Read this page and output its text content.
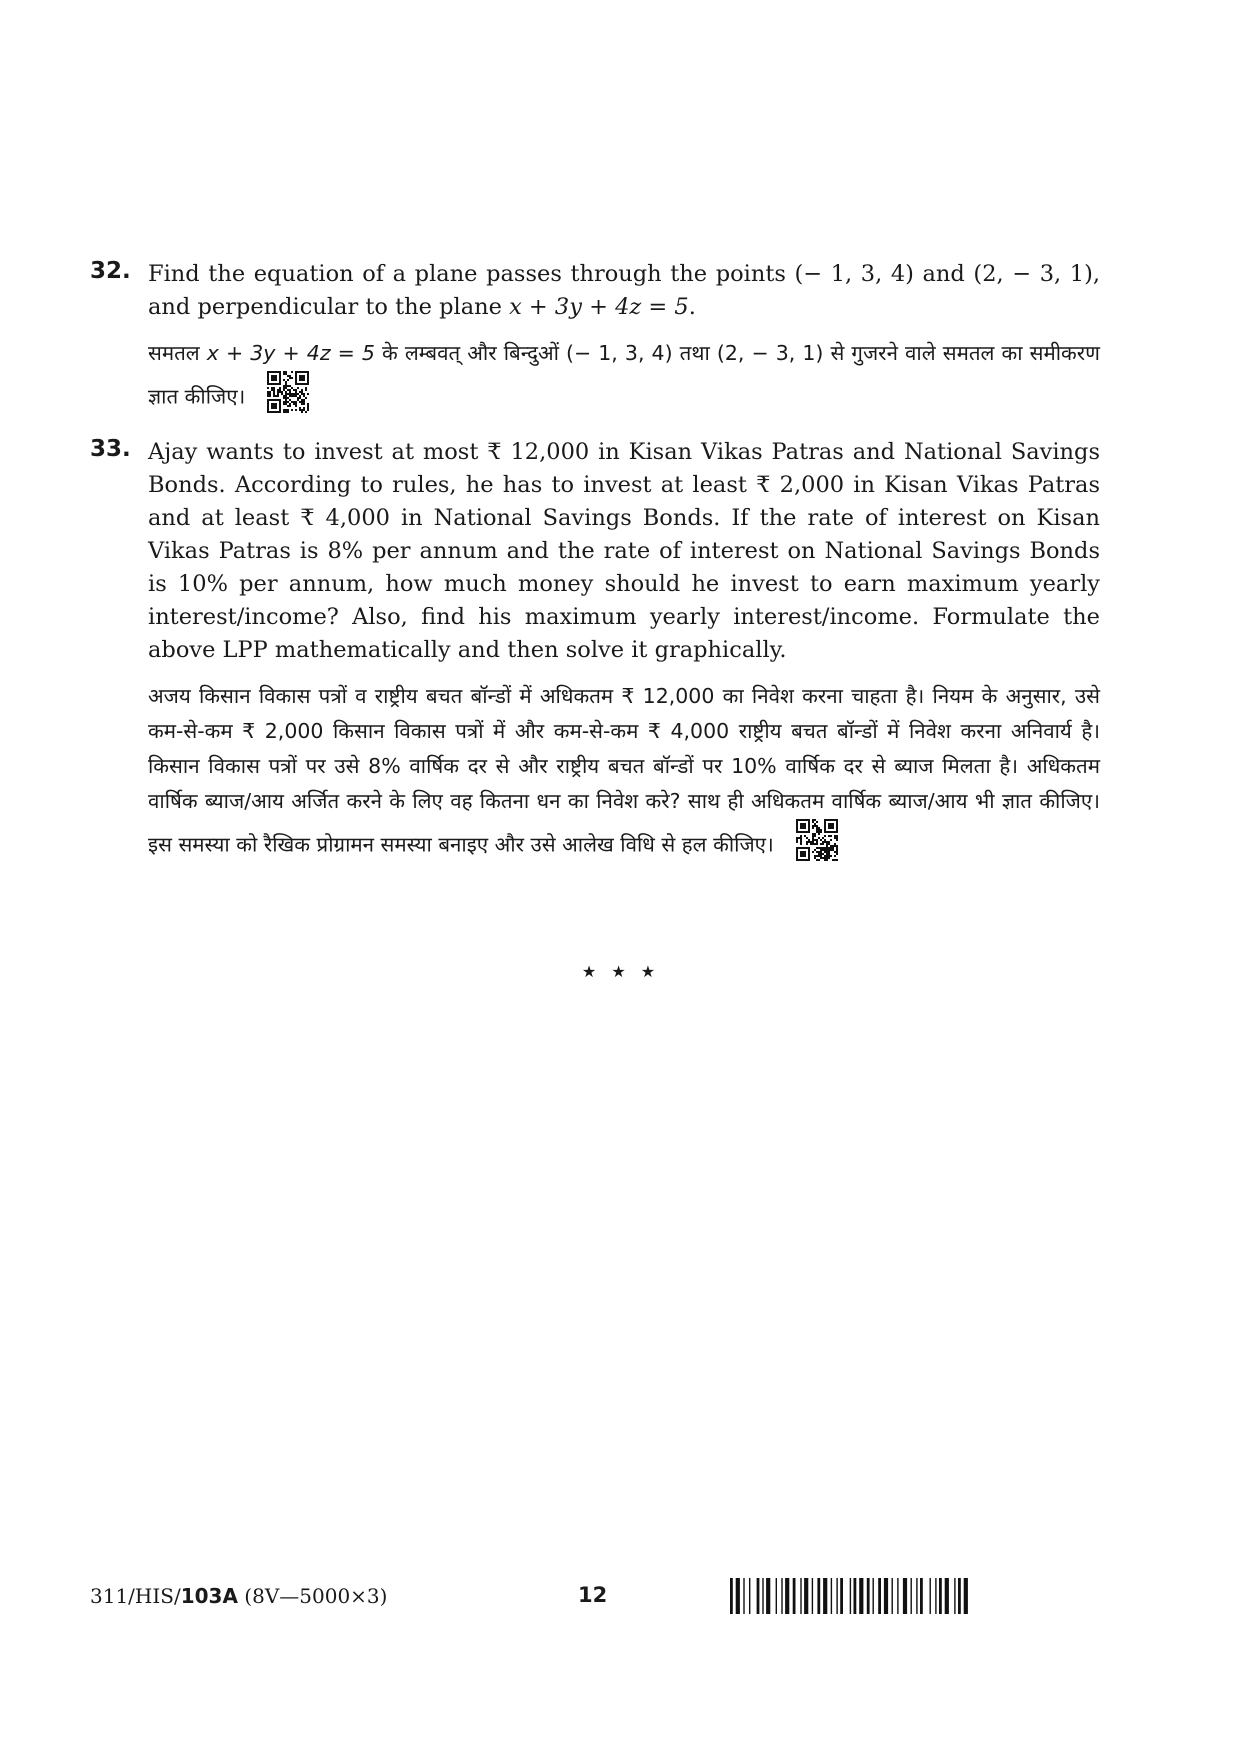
32. Find the equation of a plane passes through the points (− 1, 3, 4) and (2, − 3, 1), and perpendicular to the plane x + 3y + 4z = 5.

समतल x + 3y + 4z = 5 के लम्बवत् और बिन्दुओं (− 1, 3, 4) तथा (2, − 3, 1) से गुजरने वाले समतल का समीकरण ज्ञात कीजिए।

33. Ajay wants to invest at most ₹ 12,000 in Kisan Vikas Patras and National Savings Bonds. According to rules, he has to invest at least ₹ 2,000 in Kisan Vikas Patras and at least ₹ 4,000 in National Savings Bonds. If the rate of interest on Kisan Vikas Patras is 8% per annum and the rate of interest on National Savings Bonds is 10% per annum, how much money should he invest to earn maximum yearly interest/income? Also, find his maximum yearly interest/income. Formulate the above LPP mathematically and then solve it graphically.

अजय किसान विकास पत्रों व राष्ट्रीय बचत बॉन्डों में अधिकतम ₹ 12,000 का निवेश करना चाहता है। नियम के अनुसार, उसे कम-से-कम ₹ 2,000 किसान विकास पत्रों में और कम-से-कम ₹ 4,000 राष्ट्रीय बचत बॉन्डों में निवेश करना अनिवार्य है। किसान विकास पत्रों पर उसे 8% वार्षिक दर से और राष्ट्रीय बचत बॉन्डों पर 10% वार्षिक दर से ब्याज मिलता है। अधिकतम वार्षिक ब्याज/आय अर्जित करने के लिए वह कितना धन का निवेश करे? साथ ही अधिकतम वार्षिक ब्याज/आय भी ज्ञात कीजिए। इस समस्या को रैखिक प्रोग्रामन समस्या बनाइए और उसे आलेख विधि से हल कीजिए।

★ ★ ★
311/HIS/103A (8V—5000×3)	12
